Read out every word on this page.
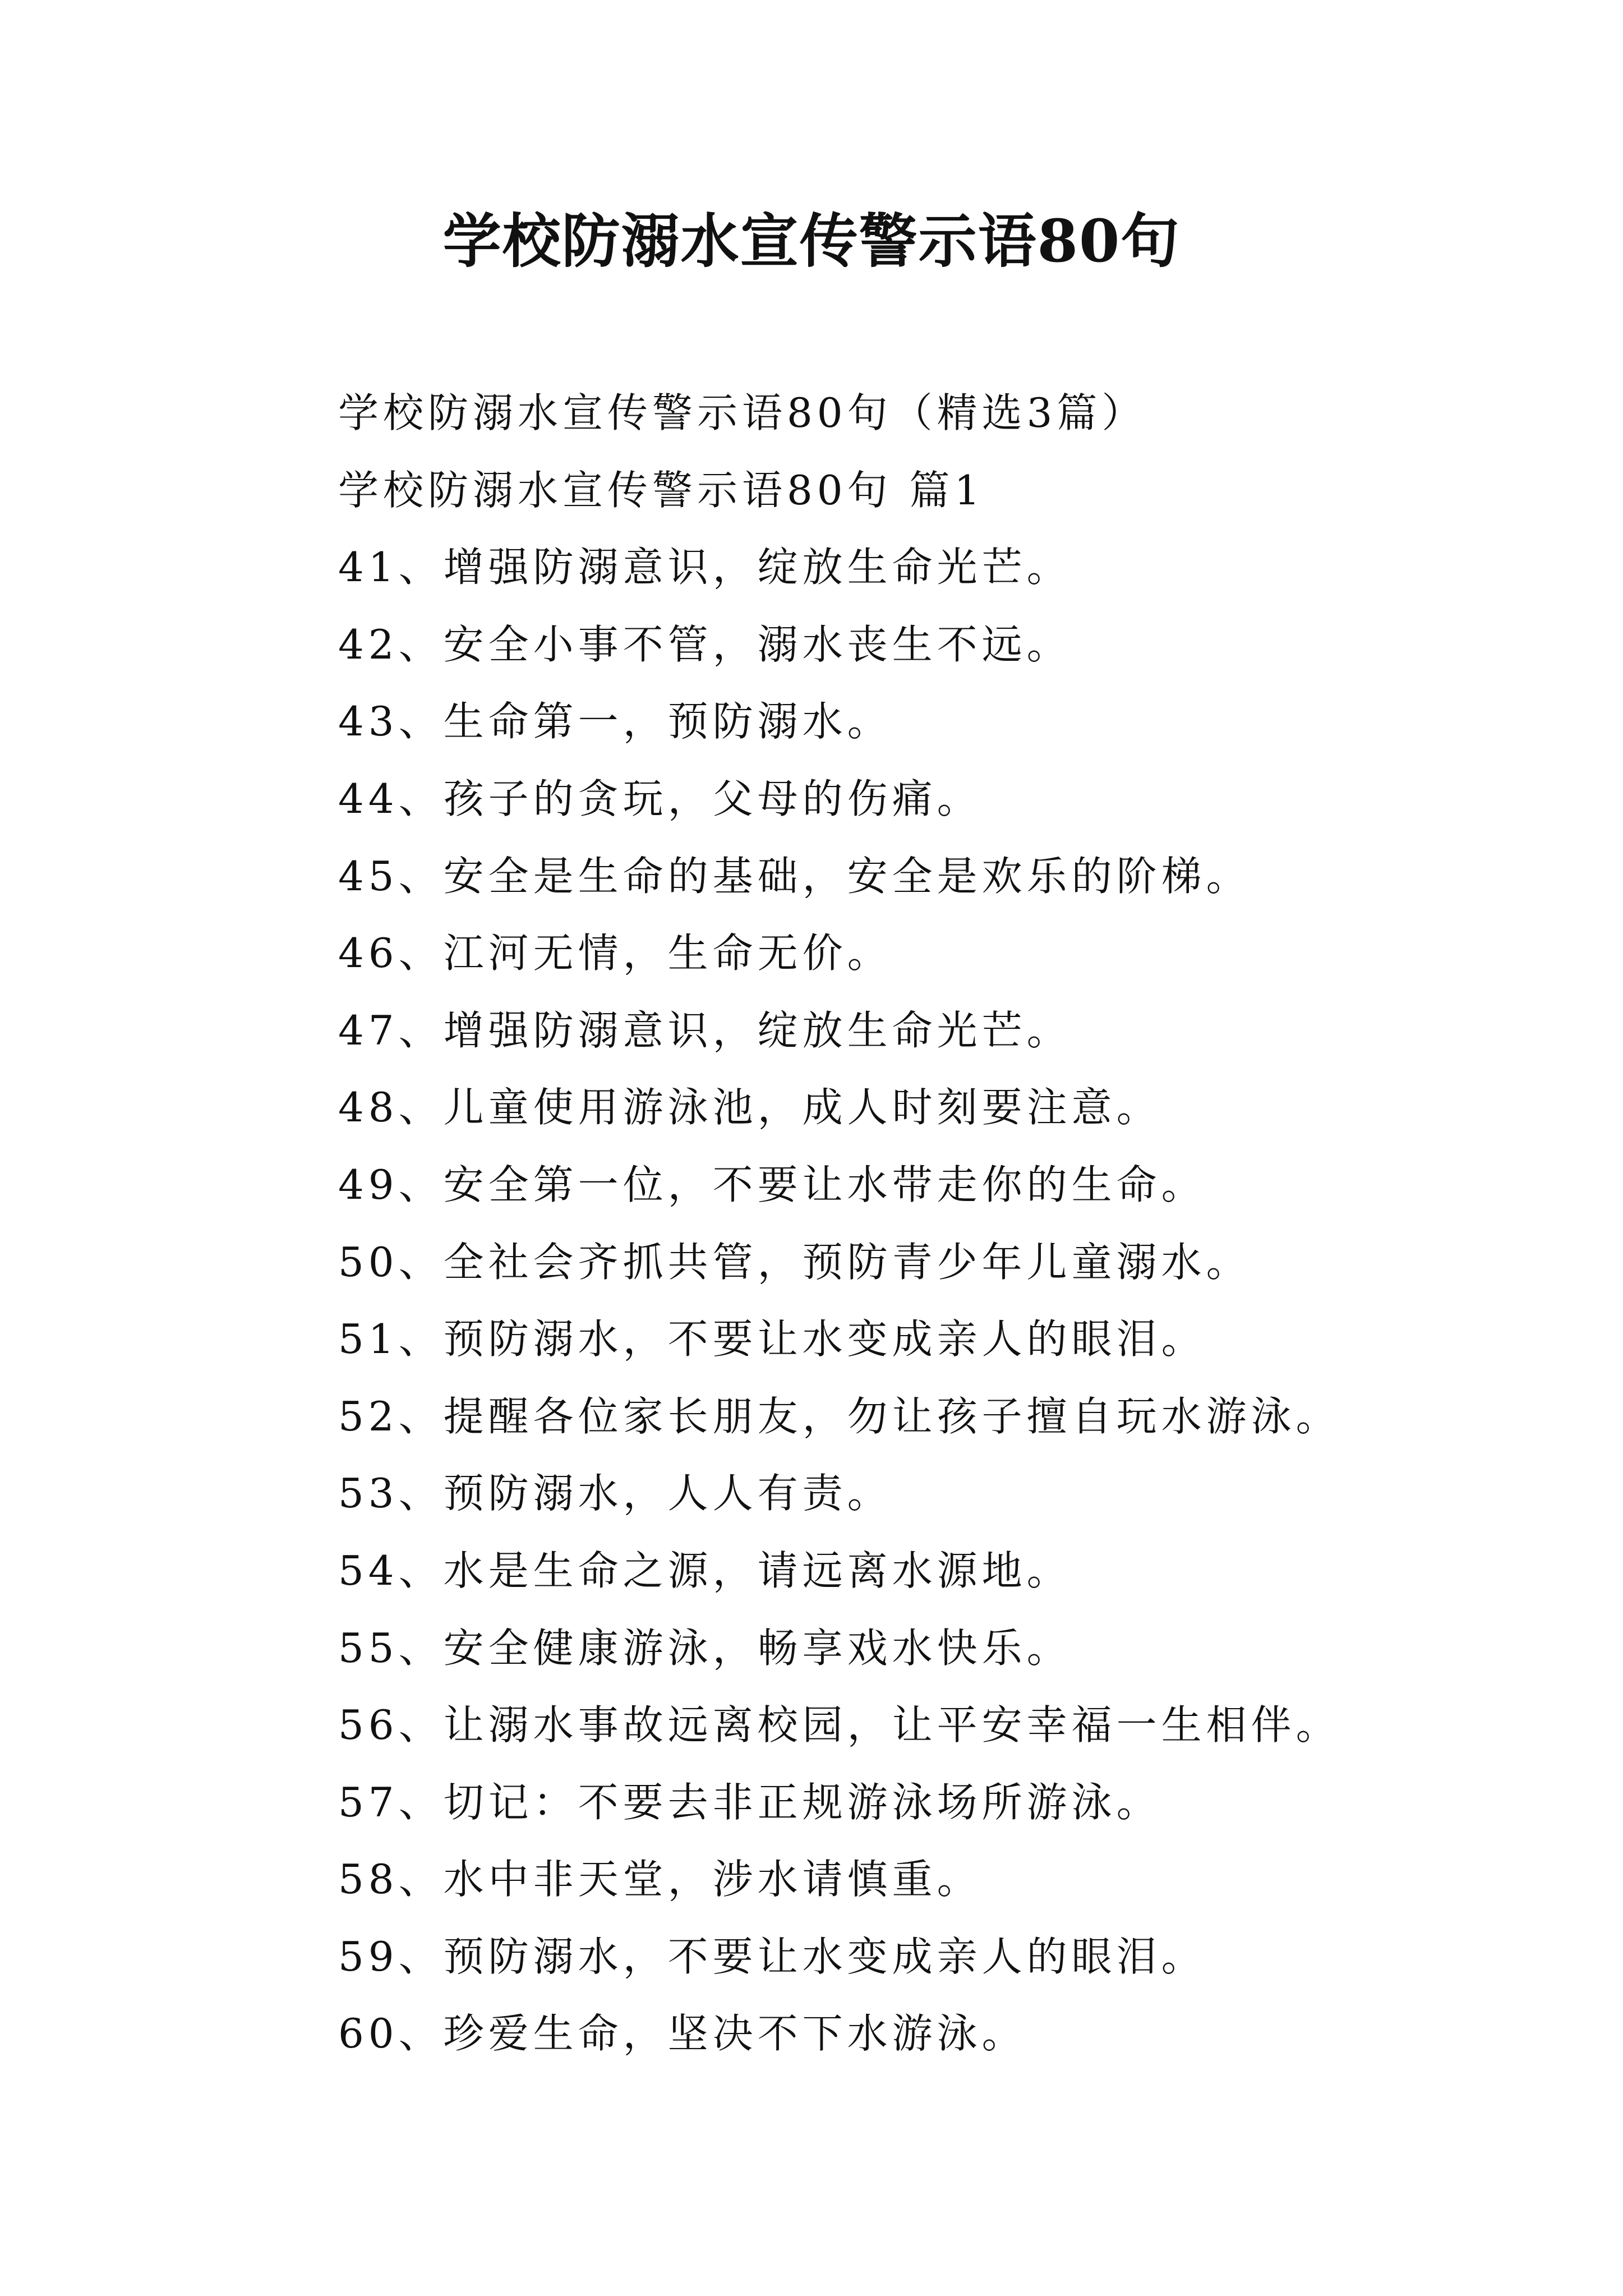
学校防溺水宣传警示语80句
学校防溺水宣传警示语80句（精选3篇）
学校防溺水宣传警示语80句 篇1
41、增强防溺意识，绽放生命光芒。
42、安全小事不管，溺水丧生不远。
43、生命第一，预防溺水。
44、孩子的贪玩，父母的伤痛。
45、安全是生命的基础，安全是欢乐的阶梯。
46、江河无情，生命无价。
47、增强防溺意识，绽放生命光芒。
48、儿童使用游泳池，成人时刻要注意。
49、安全第一位，不要让水带走你的生命。
50、全社会齐抓共管，预防青少年儿童溺水。
51、预防溺水，不要让水变成亲人的眼泪。
52、提醒各位家长朋友，勿让孩子擅自玩水游泳。
53、预防溺水，人人有责。
54、水是生命之源，请远离水源地。
55、安全健康游泳，畅享戏水快乐。
56、让溺水事故远离校园，让平安幸福一生相伴。
57、切记：不要去非正规游泳场所游泳。
58、水中非天堂，涉水请慎重。
59、预防溺水，不要让水变成亲人的眼泪。
60、珍爱生命，坚决不下水游泳。
